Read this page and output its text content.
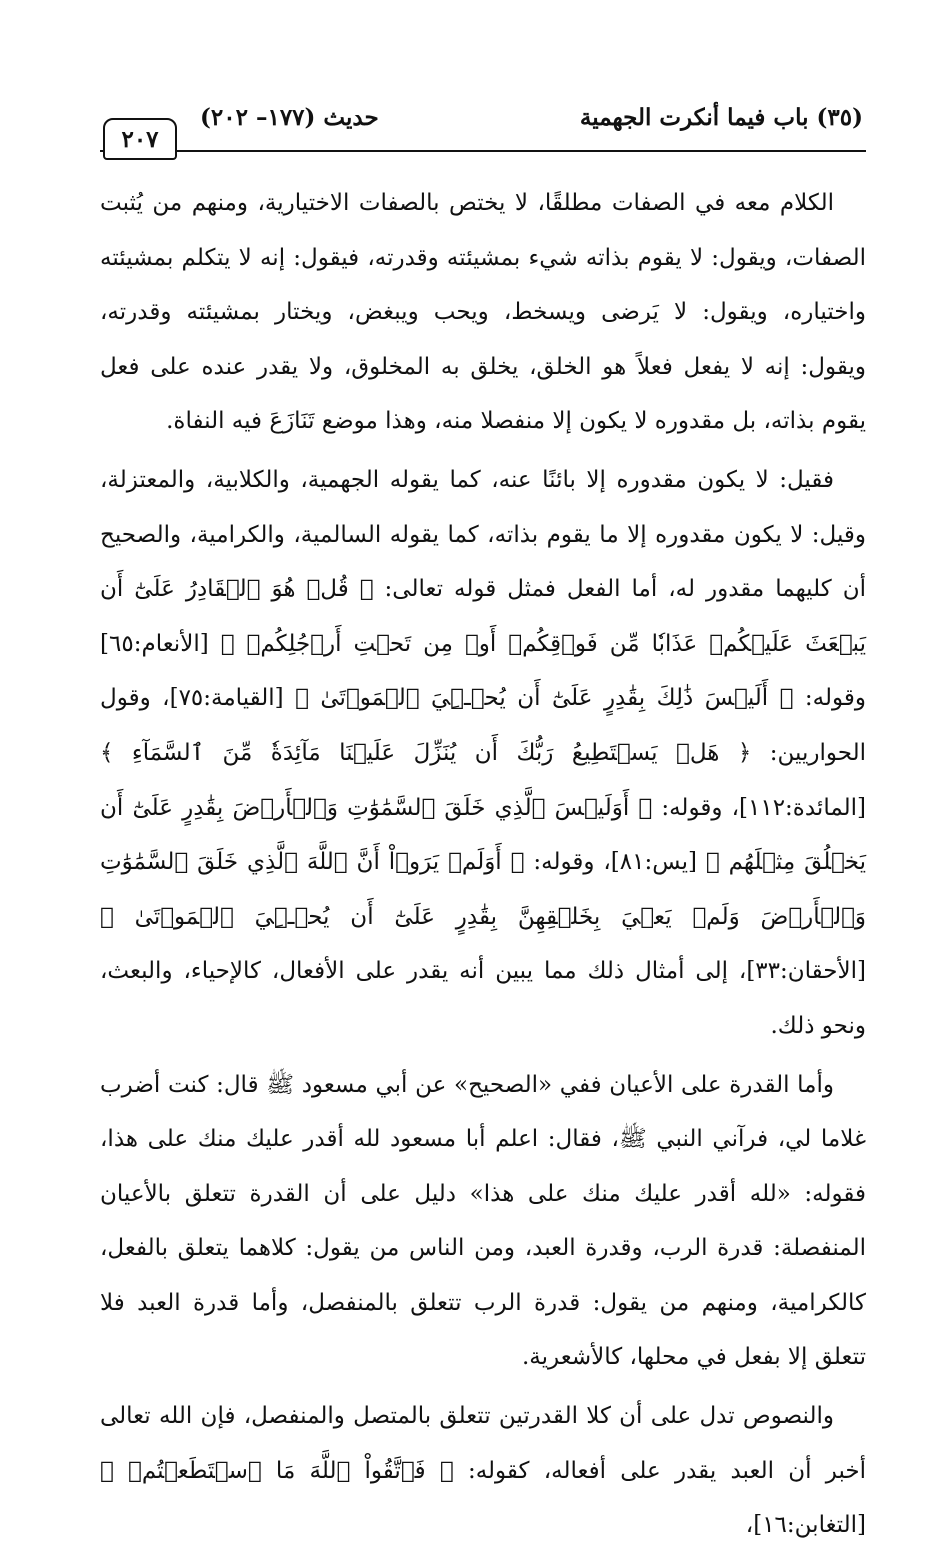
٢٠٧
حديث (١٧٧– ٢٠٢)	(٣٥) باب فيما أنكرت الجهمية

الكلام معه في الصفات مطلقًا، لا يختص بالصفات الاختيارية، ومنهم من يُثبت الصفات، ويقول: لا يقوم بذاته شيء بمشيئته وقدرته، فيقول: إنه لا يتكلم بمشيئته واختياره، ويقول: لا يَرضى ويسخط، ويحب ويبغض، ويختار بمشيئته وقدرته، ويقول: إنه لا يفعل فعلاً هو الخلق، يخلق به المخلوق، ولا يقدر عنده على فعل يقوم بذاته، بل مقدوره لا يكون إلا منفصلا منه، وهذا موضع تَنَازَعَ فيه النفاة.

فقيل: لا يكون مقدوره إلا بائنًا عنه، كما يقوله الجهمية، والكلابية، والمعتزلة، وقيل: لا يكون مقدوره إلا ما يقوم بذاته، كما يقوله السالمية، والكرامية، والصحيح أن كليهما مقدور له، أما الفعل فمثل قوله تعالى: ﴿ قُلۡ هُوَ ٱلۡقَادِرُ عَلَىٰٓ أَن يَبۡعَثَ عَلَيۡكُمۡ عَذَابٗا مِّن فَوۡقِكُمۡ أَوۡ مِن تَحۡتِ أَرۡجُلِكُمۡ ﴾ [الأنعام:٦٥] وقوله: ﴿ أَلَيۡسَ ذَٰلِكَ بِقَٰدِرٍ عَلَىٰٓ أَن يُحۡـِۧيَ ٱلۡمَوۡتَىٰ ﴾ [القيامة:٧٥]، وقول الحواريين: ﴿ هَلۡ يَسۡتَطِيعُ رَبُّكَ أَن يُنَزِّلَ عَلَيۡنَا مَآئِدَةٗ مِّنَ ٱلسَّمَآءِ ﴾ [المائدة:١١٢]، وقوله: ﴿ أَوَلَيۡسَ ٱلَّذِي خَلَقَ ٱلسَّمَٰوَٰتِ وَٱلۡأَرۡضَ بِقَٰدِرٍ عَلَىٰٓ أَن يَخۡلُقَ مِثۡلَهُم ﴾ [يس:٨١]، وقوله: ﴿ أَوَلَمۡ يَرَوۡاْ أَنَّ ٱللَّهَ ٱلَّذِي خَلَقَ ٱلسَّمَٰوَٰتِ وَٱلۡأَرۡضَ وَلَمۡ يَعۡيَ بِخَلۡقِهِنَّ بِقَٰدِرٍ عَلَىٰٓ أَن يُحۡـِۧيَ ٱلۡمَوۡتَىٰ ﴾ [الأحقان:٣٣]، إلى أمثال ذلك مما يبين أنه يقدر على الأفعال، كالإحياء، والبعث، ونحو ذلك.

وأما القدرة على الأعيان ففي «الصحيح» عن أبي مسعود ﷺ قال: كنت أضرب غلاما لي، فرآني النبي ﷺ، فقال: اعلم أبا مسعود لله أقدر عليك منك على هذا، فقوله: «لله أقدر عليك منك على هذا» دليل على أن القدرة تتعلق بالأعيان المنفصلة: قدرة الرب، وقدرة العبد، ومن الناس من يقول: كلاهما يتعلق بالفعل، كالكرامية، ومنهم من يقول: قدرة الرب تتعلق بالمنفصل، وأما قدرة العبد فلا تتعلق إلا بفعل في محلها، كالأشعرية.

والنصوص تدل على أن كلا القدرتين تتعلق بالمتصل والمنفصل، فإن الله تعالى أخبر أن العبد يقدر على أفعاله، كقوله: ﴿ فَٱتَّقُواْ ٱللَّهَ مَا ٱسۡتَطَعۡتُمۡ ﴾ [التغابن:١٦]،
